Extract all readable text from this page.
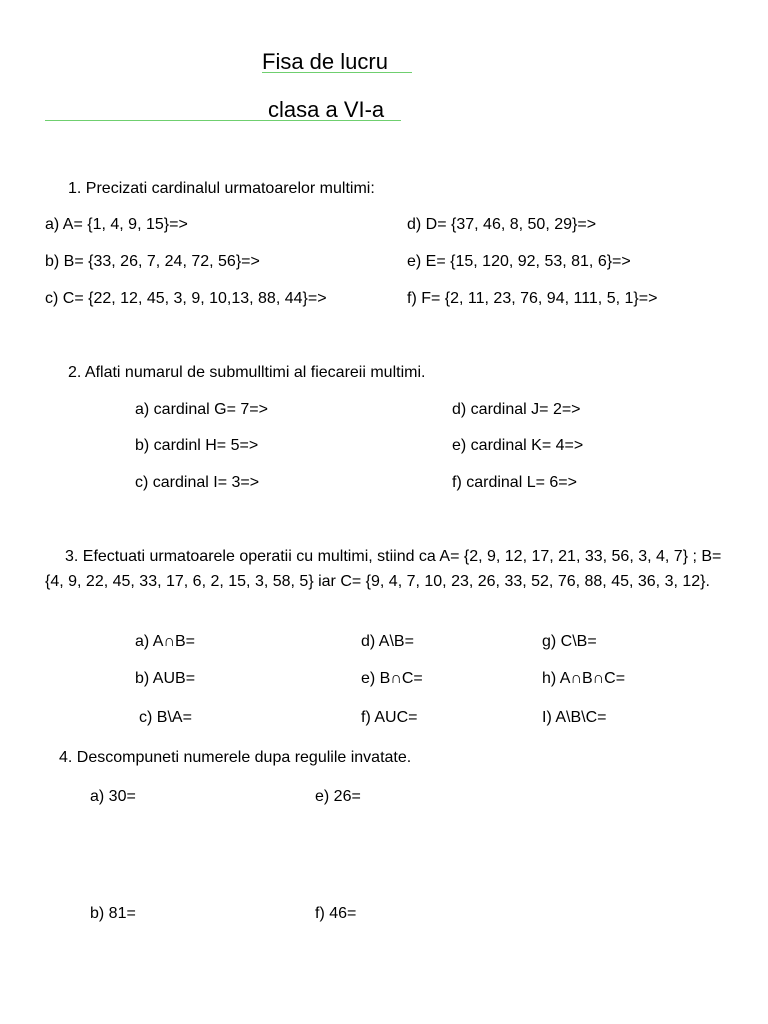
Fisa de lucru
clasa a VI-a
1. Precizati cardinalul urmatoarelor multimi:
a) A= {1, 4, 9, 15}=>
b) B= {33, 26, 7, 24, 72, 56}=>
c) C= {22, 12, 45, 3, 9, 10,13, 88, 44}=>
d) D= {37, 46, 8, 50, 29}=>
e) E= {15, 120, 92, 53, 81, 6}=>
f) F= {2, 11, 23, 76, 94, 111, 5, 1}=>
2. Aflati numarul de submulltimi al fiecareii multimi.
a) cardinal G= 7=>
b) cardinl H= 5=>
c) cardinal I= 3=>
d) cardinal J= 2=>
e) cardinal K= 4=>
f) cardinal L= 6=>
3. Efectuati urmatoarele operatii cu multimi, stiind ca A= {2, 9, 12, 17, 21, 33, 56, 3, 4, 7} ; B= {4, 9, 22, 45, 33, 17, 6, 2, 15, 3, 58, 5} iar C= {9, 4, 7, 10, 23, 26, 33, 52, 76, 88, 45, 36, 3, 12}.
a) A∩B=
b) AUB=
c) B\A=
d) A\B=
e) B∩C=
f) AUC=
g) C\B=
h) A∩B∩C=
I) A\B\C=
4. Descompuneti numerele dupa regulile invatate.
a) 30=	e) 26=
b) 81=	f) 46=
